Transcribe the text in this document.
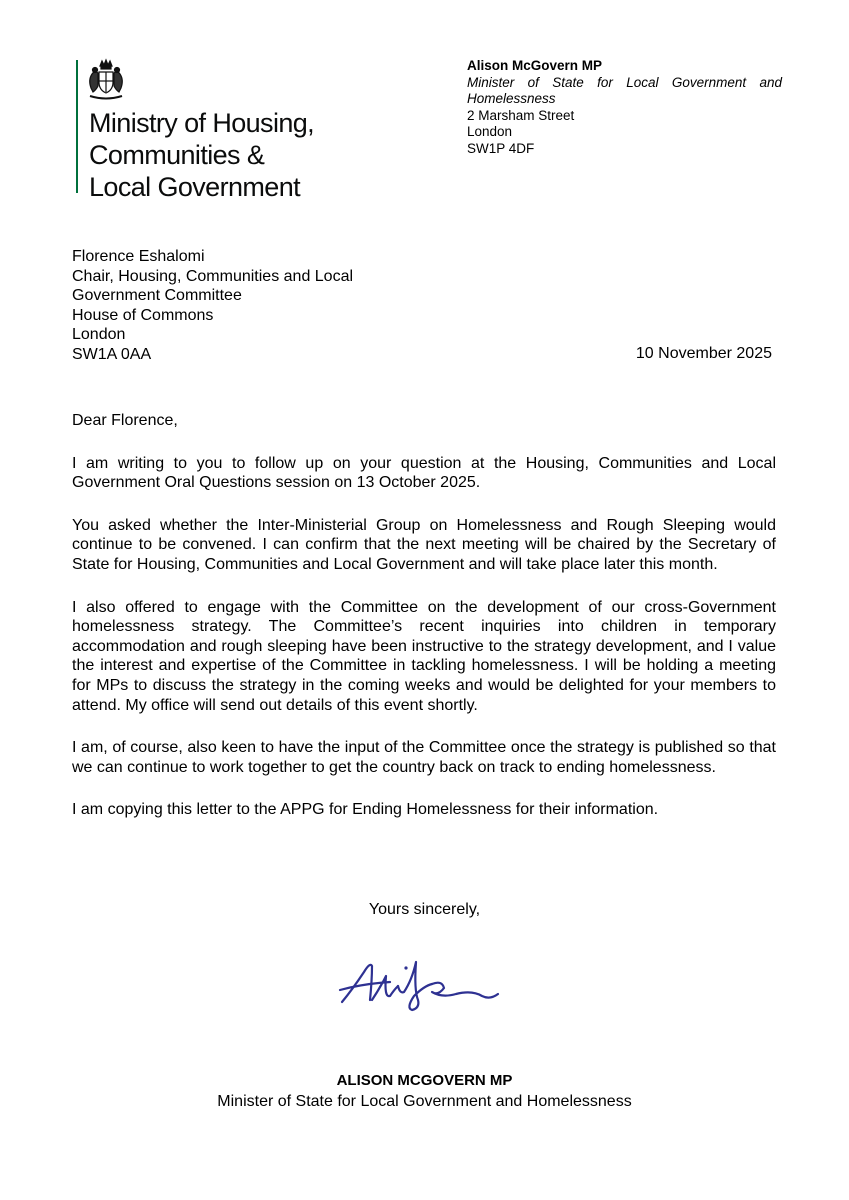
Ministry of Housing,
Communities &
Local Government
Alison McGovern MP
Minister of State for Local Government and Homelessness
2 Marsham Street
London
SW1P 4DF
Florence Eshalomi
Chair, Housing, Communities and Local
Government Committee
House of Commons
London
SW1A 0AA	10 November 2025

Dear Florence,

I am writing to you to follow up on your question at the Housing, Communities and Local Government Oral Questions session on 13 October 2025.

You asked whether the Inter-Ministerial Group on Homelessness and Rough Sleeping would continue to be convened. I can confirm that the next meeting will be chaired by the Secretary of State for Housing, Communities and Local Government and will take place later this month.

I also offered to engage with the Committee on the development of our cross-Government homelessness strategy. The Committee’s recent inquiries into children in temporary accommodation and rough sleeping have been instructive to the strategy development, and I value the interest and expertise of the Committee in tackling homelessness. I will be holding a meeting for MPs to discuss the strategy in the coming weeks and would be delighted for your members to attend. My office will send out details of this event shortly.

I am, of course, also keen to have the input of the Committee once the strategy is published so that we can continue to work together to get the country back on track to ending homelessness.

I am copying this letter to the APPG for Ending Homelessness for their information.

Yours sincerely,
ALISON MCGOVERN MP
Minister of State for Local Government and Homelessness
